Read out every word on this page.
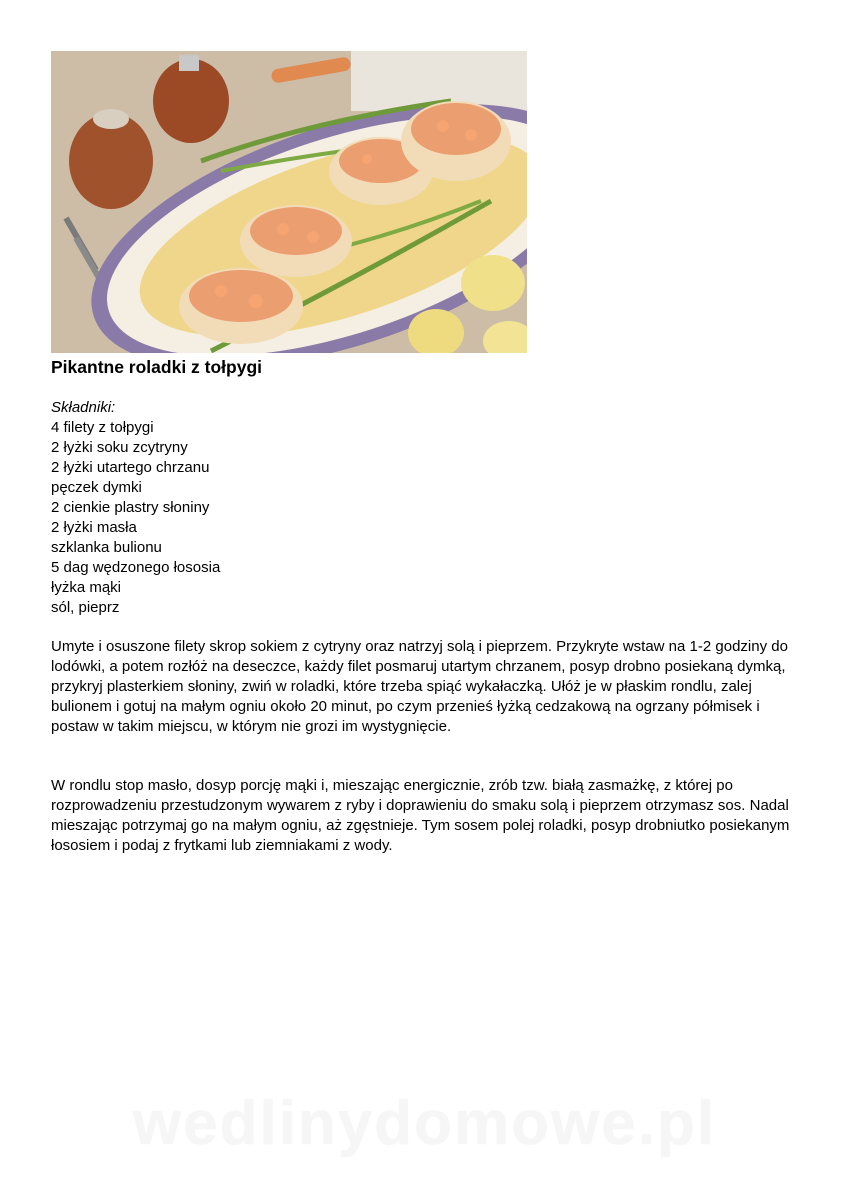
Pikantne roladki z tołpygi
Składniki:
4 filety z tołpygi
2 łyżki soku zcytryny
2 łyżki utartego chrzanu
pęczek dymki
2 cienkie plastry słoniny
2 łyżki masła
szklanka bulionu
5 dag wędzonego łososia
łyżka mąki
sól, pieprz

Umyte i osuszone filety skrop sokiem z cytryny oraz natrzyj solą i pieprzem. Przykryte wstaw na 1-2 godziny do lodówki, a potem rozłóż na deseczce, każdy filet posmaruj utartym chrzanem, posyp drobno posiekaną dymką, przykryj plasterkiem słoniny, zwiń w roladki, które trzeba spiąć wykałaczką. Ułóż je w płaskim rondlu, zalej bulionem i gotuj na małym ogniu około 20 minut, po czym przenieś łyżką cedzakową na ogrzany półmisek i postaw w takim miejscu, w którym nie grozi im wystygnięcie.

W rondlu stop masło, dosyp porcję mąki i, mieszając energicznie, zrób tzw. białą zasmażkę, z której po rozprowadzeniu przestudzonym wywarem z ryby i doprawieniu do smaku solą i pieprzem otrzymasz sos. Nadal mieszając potrzymaj go na małym ogniu, aż zgęstnieje. Tym sosem polej roladki, posyp drobniutko posiekanym łososiem i podaj z frytkami lub ziemniakami z wody.

wedlinydomowe.pl
